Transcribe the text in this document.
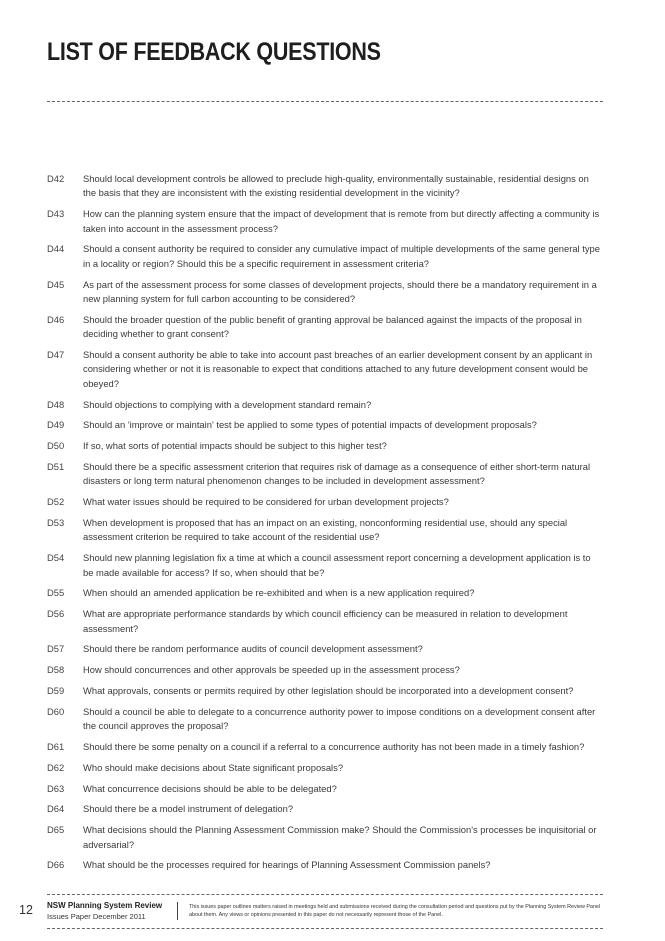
LIST OF FEEDBACK QUESTIONS
D42	Should local development controls be allowed to preclude high-quality, environmentally sustainable, residential designs on the basis that they are inconsistent with the existing residential development in the vicinity?
D43	How can the planning system ensure that the impact of development that is remote from but directly affecting a community is taken into account in the assessment process?
D44	Should a consent authority be required to consider any cumulative impact of multiple developments of the same general type in a locality or region? Should this be a specific requirement in assessment criteria?
D45	As part of the assessment process for some classes of development projects, should there be a mandatory requirement in a new planning system for full carbon accounting to be considered?
D46	Should the broader question of the public benefit of granting approval be balanced against the impacts of the proposal in deciding whether to grant consent?
D47	Should a consent authority be able to take into account past breaches of an earlier development consent by an applicant in considering whether or not it is reasonable to expect that conditions attached to any future development consent would be obeyed?
D48	Should objections to complying with a development standard remain?
D49	Should an 'improve or maintain' test be applied to some types of potential impacts of development proposals?
D50	If so, what sorts of potential impacts should be subject to this higher test?
D51	Should there be a specific assessment criterion that requires risk of damage as a consequence of either short-term natural disasters or long term natural phenomenon changes to be included in development assessment?
D52	What water issues should be required to be considered for urban development projects?
D53	When development is proposed that has an impact on an existing, nonconforming residential use, should any special assessment criterion be required to take account of the residential use?
D54	Should new planning legislation fix a time at which a council assessment report concerning a development application is to be made available for access? If so, when should that be?
D55	When should an amended application be re-exhibited and when is a new application required?
D56	What are appropriate performance standards by which council efficiency can be measured in relation to development assessment?
D57	Should there be random performance audits of council development assessment?
D58	How should concurrences and other approvals be speeded up in the assessment process?
D59	What approvals, consents or permits required by other legislation should be incorporated into a development consent?
D60	Should a council be able to delegate to a concurrence authority power to impose conditions on a development consent after the council approves the proposal?
D61	Should there be some penalty on a council if a referral to a concurrence authority has not been made in a timely fashion?
D62	Who should make decisions about State significant proposals?
D63	What concurrence decisions should be able to be delegated?
D64	Should there be a model instrument of delegation?
D65	What decisions should the Planning Assessment Commission make? Should the Commission's processes be inquisitorial or adversarial?
D66	What should be the processes required for hearings of Planning Assessment Commission panels?
12 NSW Planning System Review
Issues Paper December 2011
This issues paper outlines matters raised in meetings held and submissions received during the consultation period and questions put by the Planning System Review Panel about them. Any views or opinions presented in this paper do not necessarily represent those of the Panel.
